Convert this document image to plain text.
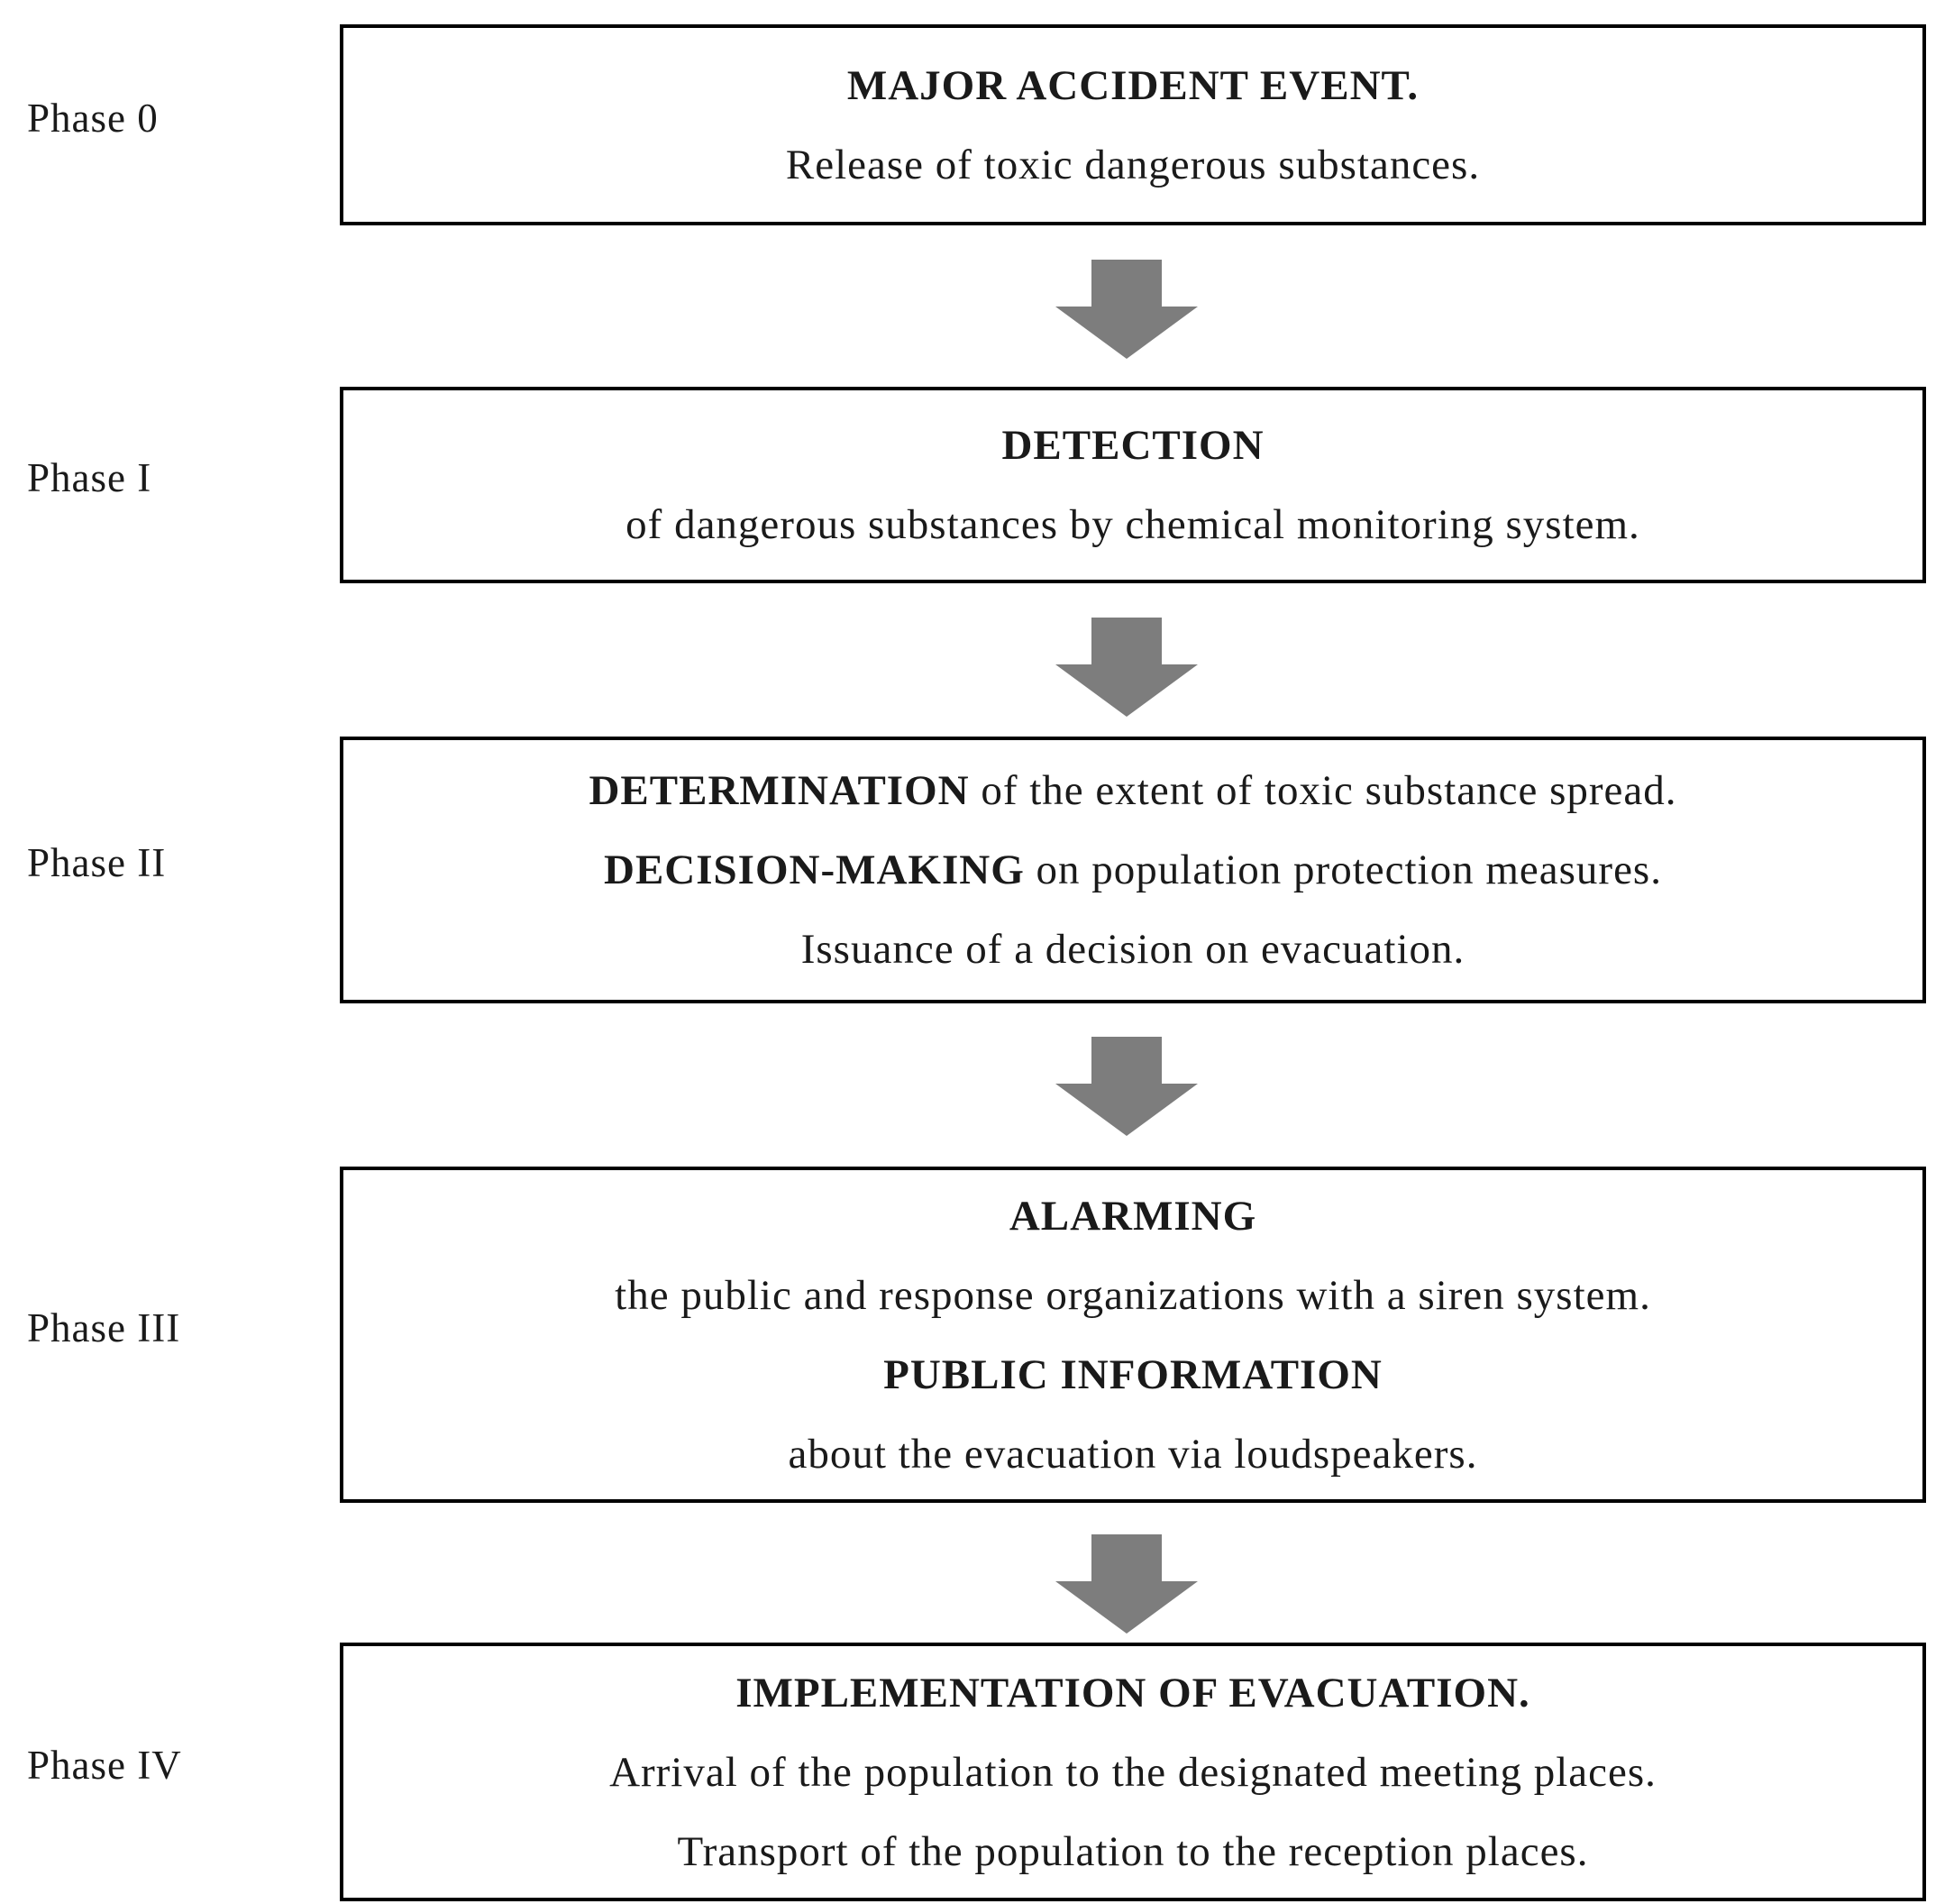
Phase 0
MAJOR ACCIDENT EVENT.
Release of toxic dangerous substances.
Phase I
DETECTION
of dangerous substances by chemical monitoring system.
Phase II
DETERMINATION of the extent of toxic substance spread.
DECISION-MAKING on population protection measures.
Issuance of a decision on evacuation.
Phase III
ALARMING
the public and response organizations with a siren system.
PUBLIC INFORMATION
about the evacuation via loudspeakers.
Phase IV
IMPLEMENTATION OF EVACUATION.
Arrival of the population to the designated meeting places.
Transport of the population to the reception places.
